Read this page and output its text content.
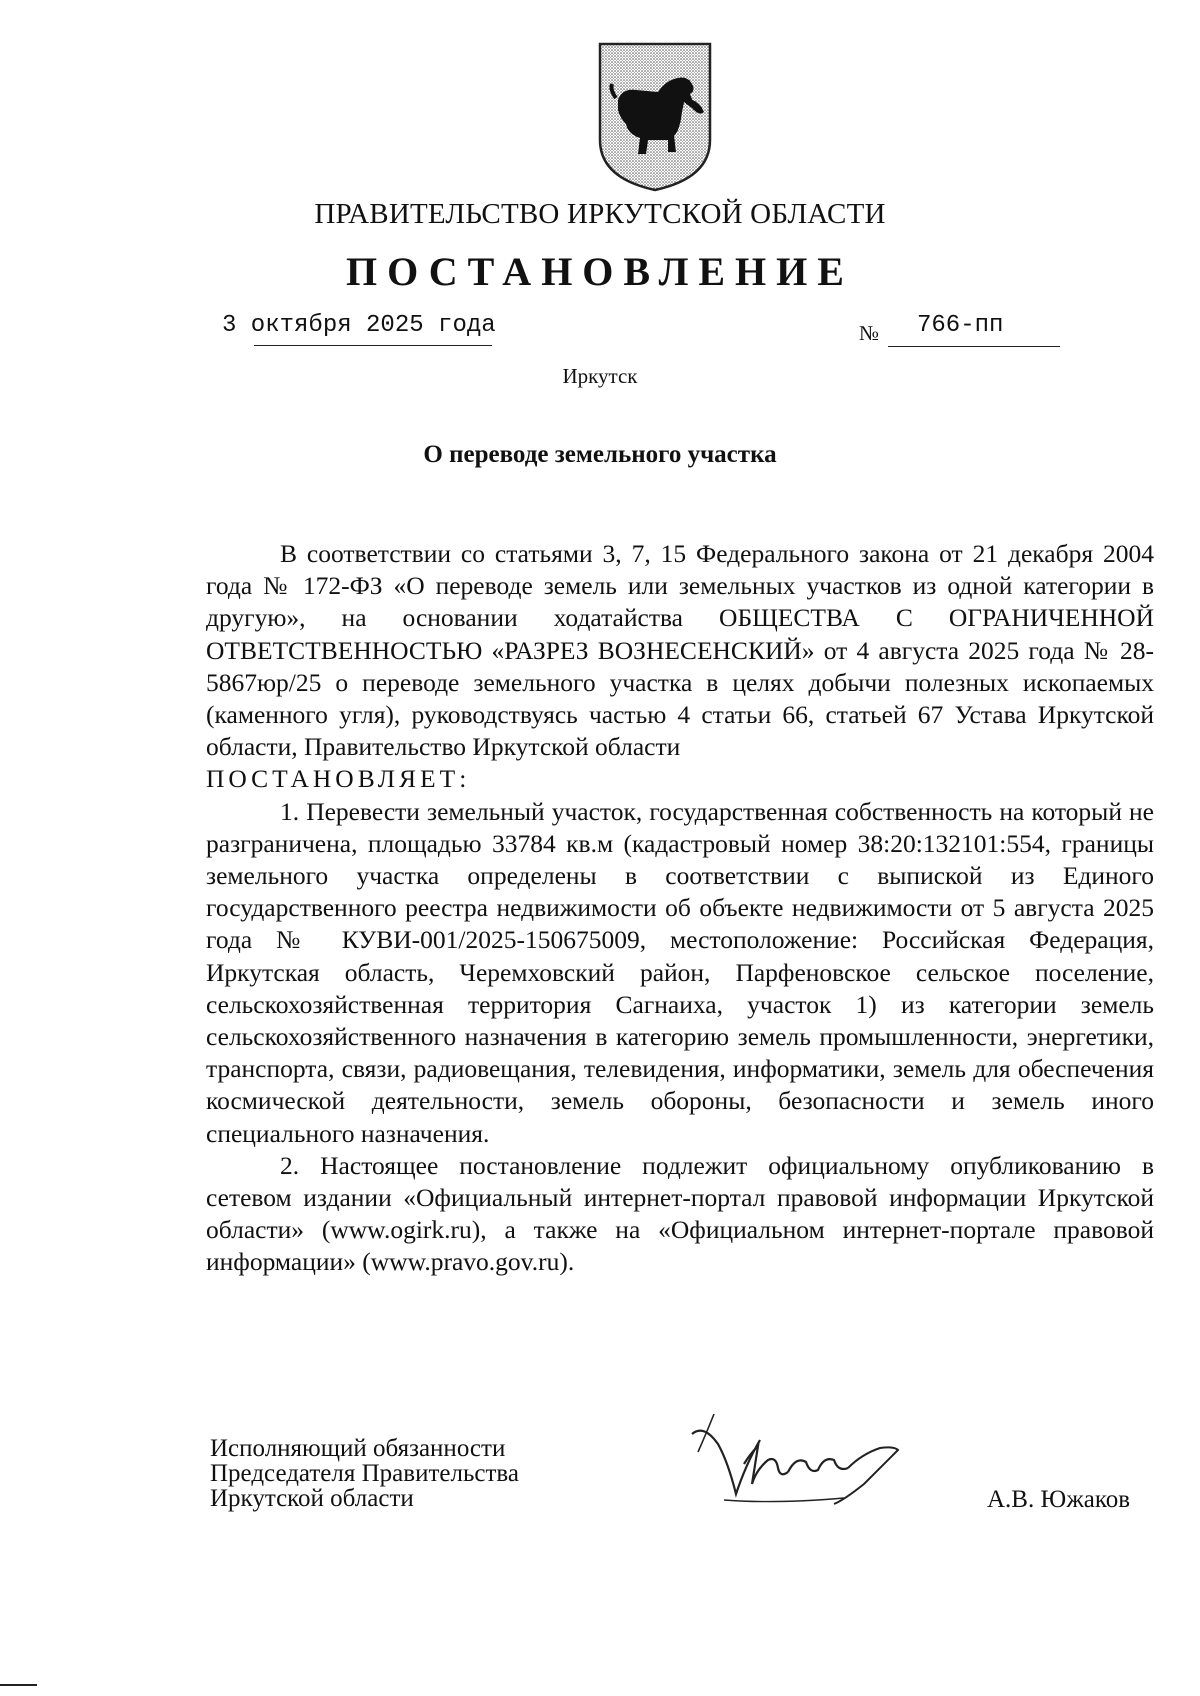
ПРАВИТЕЛЬСТВО ИРКУТСКОЙ ОБЛАСТИ
ПОСТАНОВЛЕНИЕ
3 октября 2025 года	№ 766-пп
Иркутск
О переводе земельного участка

В соответствии со статьями 3, 7, 15 Федерального закона от 21 декабря 2004 года № 172-ФЗ «О переводе земель или земельных участков из одной категории в другую», на основании ходатайства ОБЩЕСТВА С ОГРАНИЧЕННОЙ ОТВЕТСТВЕННОСТЬЮ «РАЗРЕЗ ВОЗНЕСЕНСКИЙ» от 4 августа 2025 года № 28-5867юр/25 о переводе земельного участка в целях добычи полезных ископаемых (каменного угля), руководствуясь частью 4 статьи 66, статьей 67 Устава Иркутской области, Правительство Иркутской области

ПОСТАНОВЛЯЕТ:

1. Перевести земельный участок, государственная собственность на который не разграничена, площадью 33784 кв.м (кадастровый номер 38:20:132101:554, границы земельного участка определены в соответствии с выпиской из Единого государственного реестра недвижимости об объекте недвижимости от 5 августа 2025 года № КУВИ-001/2025-150675009, местоположение: Российская Федерация, Иркутская область, Черемховский район, Парфеновское сельское поселение, сельскохозяйственная территория Сагнаиха, участок 1) из категории земель сельскохозяйственного назначения в категорию земель промышленности, энергетики, транспорта, связи, радиовещания, телевидения, информатики, земель для обеспечения космической деятельности, земель обороны, безопасности и земель иного специального назначения.

2. Настоящее постановление подлежит официальному опубликованию в сетевом издании «Официальный интернет-портал правовой информации Иркутской области» (www.ogirk.ru), а также на «Официальном интернет-портале правовой информации» (www.pravo.gov.ru).

Исполняющий обязанности
Председателя Правительства
Иркутской области	А.В. Южаков
